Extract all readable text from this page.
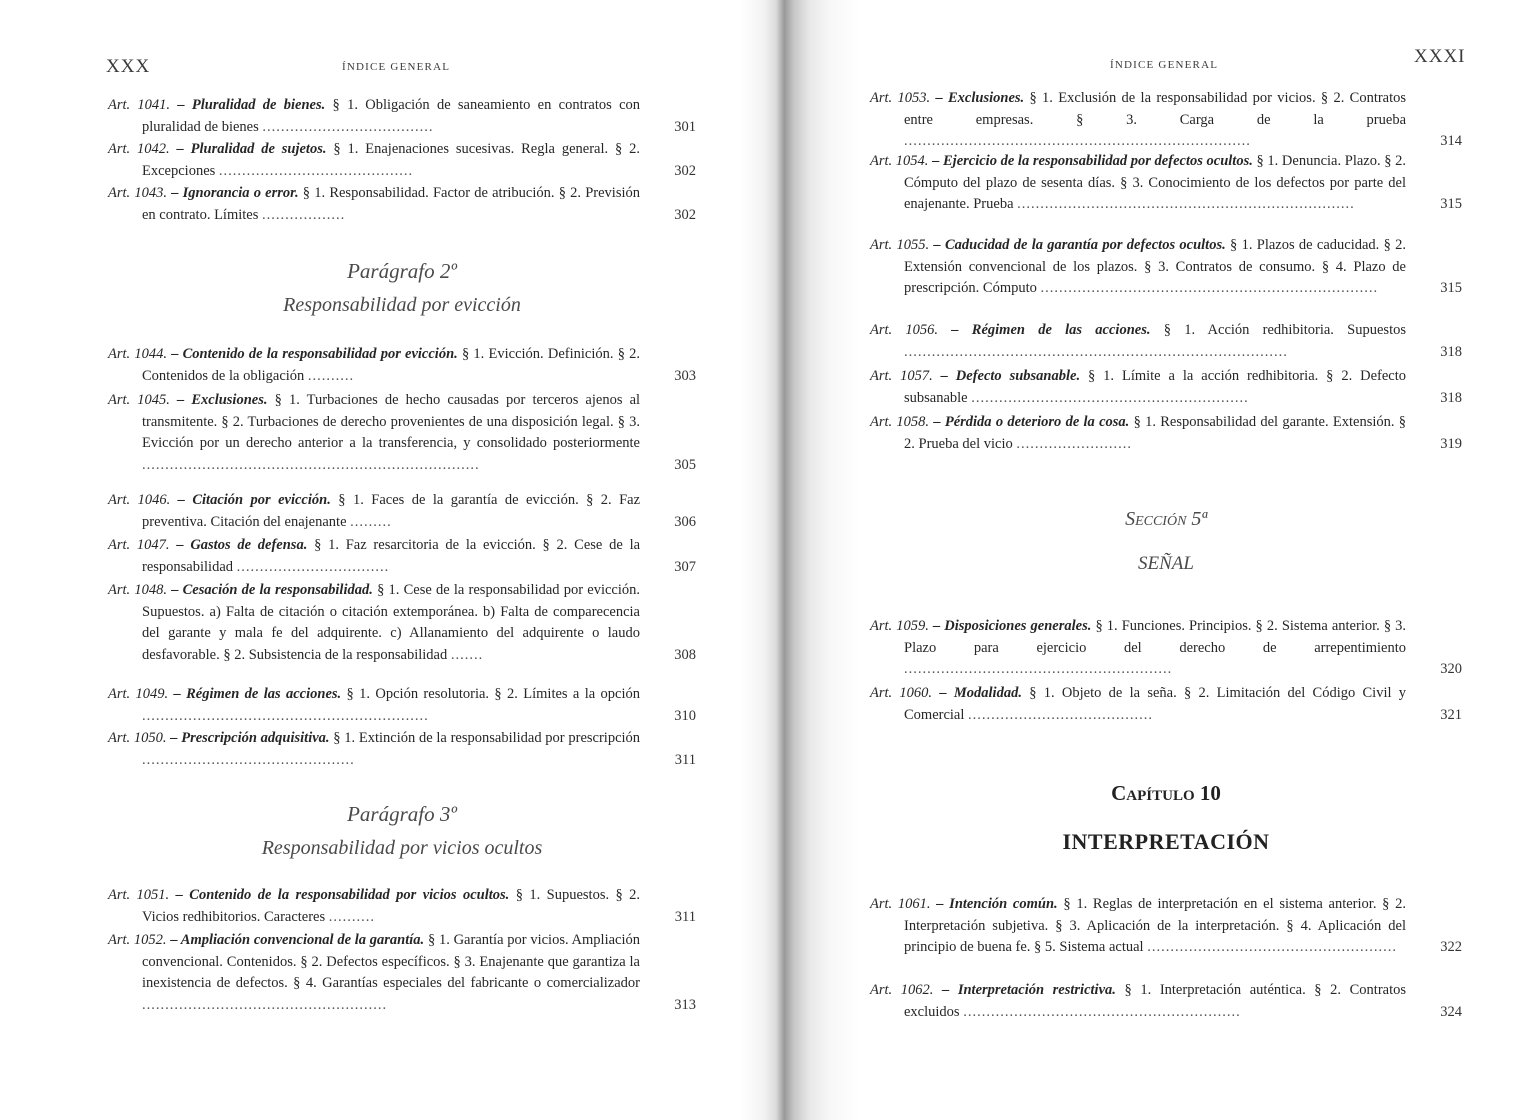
XXX	ÍNDICE GENERAL
Art. 1041. – Pluralidad de bienes. § 1. Obligación de saneamiento en contratos con pluralidad de bienes .....................................	301
Art. 1042. – Pluralidad de sujetos. § 1. Enajenaciones sucesivas. Regla general. § 2. Excepciones ..........................................	302
Art. 1043. – Ignorancia o error. § 1. Responsabilidad. Factor de atribución. § 2. Previsión en contrato. Límites ..................	302
Parágrafo 2º
Responsabilidad por evicción
Art. 1044. – Contenido de la responsabilidad por evicción. § 1. Evicción. Definición. § 2. Contenidos de la obligación ..........	303
Art. 1045. – Exclusiones. § 1. Turbaciones de hecho causadas por terceros ajenos al transmitente. § 2. Turbaciones de derecho provenientes de una disposición legal. § 3. Evicción por un derecho anterior a la transferencia, y consolidado posteriormente .........................................................................	305
Art. 1046. – Citación por evicción. § 1. Faces de la garantía de evicción. § 2. Faz preventiva. Citación del enajenante .........	306
Art. 1047. – Gastos de defensa. § 1. Faz resarcitoria de la evicción. § 2. Cese de la responsabilidad .................................	307
Art. 1048. – Cesación de la responsabilidad. § 1. Cese de la responsabilidad por evicción. Supuestos. a) Falta de citación o citación extemporánea. b) Falta de comparecencia del garante y mala fe del adquirente. c) Allanamiento del adquirente o laudo desfavorable. § 2. Subsistencia de la responsabilidad .......	308
Art. 1049. – Régimen de las acciones. § 1. Opción resolutoria. § 2. Límites a la opción ..............................................................	310
Art. 1050. – Prescripción adquisitiva. § 1. Extinción de la responsabilidad por prescripción ..............................................	311
Parágrafo 3º
Responsabilidad por vicios ocultos
Art. 1051. – Contenido de la responsabilidad por vicios ocultos. § 1. Supuestos. § 2. Vicios redhibitorios. Caracteres ..........	311
Art. 1052. – Ampliación convencional de la garantía. § 1. Garantía por vicios. Ampliación convencional. Contenidos. § 2. Defectos específicos. § 3. Enajenante que garantiza la inexistencia de defectos. § 4. Garantías especiales del fabricante o comercializador .....................................................	313
ÍNDICE GENERAL	XXXI
Art. 1053. – Exclusiones. § 1. Exclusión de la responsabilidad por vicios. § 2. Contratos entre empresas. § 3. Carga de la prueba ...........................................................................	314
Art. 1054. – Ejercicio de la responsabilidad por defectos ocultos. § 1. Denuncia. Plazo. § 2. Cómputo del plazo de sesenta días. § 3. Conocimiento de los defectos por parte del enajenante. Prueba .........................................................................	315
Art. 1055. – Caducidad de la garantía por defectos ocultos. § 1. Plazos de caducidad. § 2. Extensión convencional de los plazos. § 3. Contratos de consumo. § 4. Plazo de prescripción. Cómputo .........................................................................	315
Art. 1056. – Régimen de las acciones. § 1. Acción redhibitoria. Supuestos ...................................................................................	318
Art. 1057. – Defecto subsanable. § 1. Límite a la acción redhibitoria. § 2. Defecto subsanable ............................................................	318
Art. 1058. – Pérdida o deterioro de la cosa. § 1. Responsabilidad del garante. Extensión. § 2. Prueba del vicio .........................	319
Sección 5ª
SEÑAL
Art. 1059. – Disposiciones generales. § 1. Funciones. Principios. § 2. Sistema anterior. § 3. Plazo para ejercicio del derecho de arrepentimiento ..........................................................	320
Art. 1060. – Modalidad. § 1. Objeto de la seña. § 2. Limitación del Código Civil y Comercial ........................................	321
Capítulo 10
INTERPRETACIÓN
Art. 1061. – Intención común. § 1. Reglas de interpretación en el sistema anterior. § 2. Interpretación subjetiva. § 3. Aplicación de la interpretación. § 4. Aplicación del principio de buena fe. § 5. Sistema actual ......................................................	322
Art. 1062. – Interpretación restrictiva. § 1. Interpretación auténtica. § 2. Contratos excluidos ............................................................	324
